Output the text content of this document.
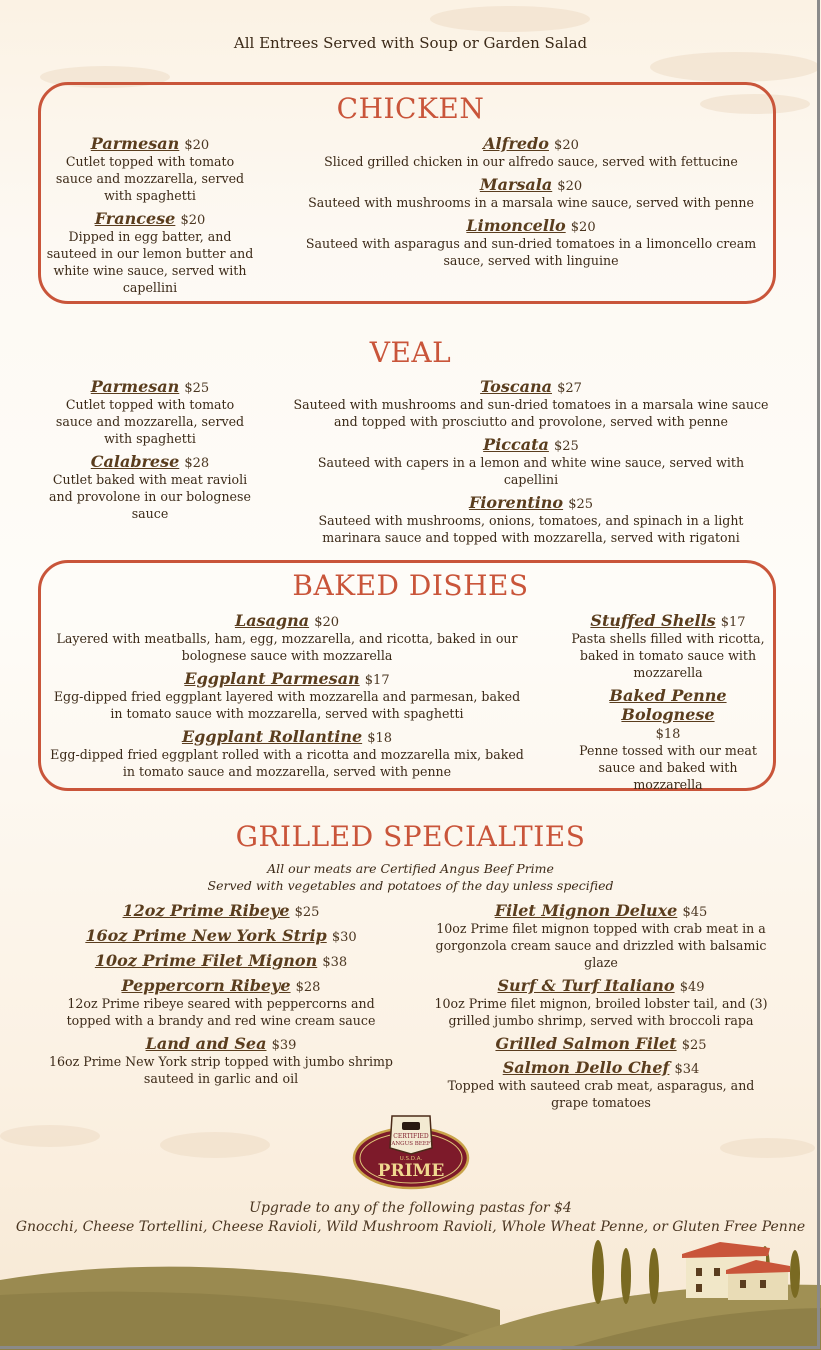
All Entrees Served with Soup or Garden Salad
CHICKEN
Parmesan $20
Cutlet topped with tomato sauce and mozzarella, served with spaghetti
Francese $20
Dipped in egg batter, and sauteed in our lemon butter and white wine sauce, served with capellini
Alfredo $20
Sliced grilled chicken in our alfredo sauce, served with fettucine
Marsala $20
Sauteed with mushrooms in a marsala wine sauce, served with penne
Limoncello $20
Sauteed with asparagus and sun-dried tomatoes in a limoncello cream sauce, served with linguine
VEAL
Parmesan $25
Cutlet topped with tomato sauce and mozzarella, served with spaghetti
Calabrese $28
Cutlet baked with meat ravioli and provolone in our bolognese sauce
Toscana $27
Sauteed with mushrooms and sun-dried tomatoes in a marsala wine sauce and topped with prosciutto and provolone, served with penne
Piccata $25
Sauteed with capers in a lemon and white wine sauce, served with capellini
Fiorentino $25
Sauteed with mushrooms, onions, tomatoes, and spinach in a light marinara sauce and topped with mozzarella, served with rigatoni
BAKED DISHES
Lasagna $20
Layered with meatballs, ham, egg, mozzarella, and ricotta, baked in our bolognese sauce with mozzarella
Eggplant Parmesan $17
Egg-dipped fried eggplant layered with mozzarella and parmesan, baked in tomato sauce with mozzarella, served with spaghetti
Eggplant Rollantine $18
Egg-dipped fried eggplant rolled with a ricotta and mozzarella mix, baked in tomato sauce and mozzarella, served with penne
Stuffed Shells $17
Pasta shells filled with ricotta, baked in tomato sauce with mozzarella
Baked Penne Bolognese
$18
Penne tossed with our meat sauce and baked with mozzarella
GRILLED SPECIALTIES
All our meats are Certified Angus Beef Prime
Served with vegetables and potatoes of the day unless specified
12oz Prime Ribeye $25
16oz Prime New York Strip $30
10oz Prime Filet Mignon $38
Peppercorn Ribeye $28
12oz Prime ribeye seared with peppercorns and topped with a brandy and red wine cream sauce
Land and Sea $39
16oz Prime New York strip topped with jumbo shrimp sauteed in garlic and oil
Filet Mignon Deluxe $45
10oz Prime filet mignon topped with crab meat in a gorgonzola cream sauce and drizzled with balsamic glaze
Surf & Turf Italiano $49
10oz Prime filet mignon, broiled lobster tail, and (3) grilled jumbo shrimp, served with broccoli rapa
Grilled Salmon Filet $25
Salmon Dello Chef $34
Topped with sauteed crab meat, asparagus, and grape tomatoes
CERTIFIED
ANGUS BEEF
U.S.D.A.
PRIME
Upgrade to any of the following pastas for $4
Gnocchi, Cheese Tortellini, Cheese Ravioli, Wild Mushroom Ravioli, Whole Wheat Penne, or Gluten Free Penne
